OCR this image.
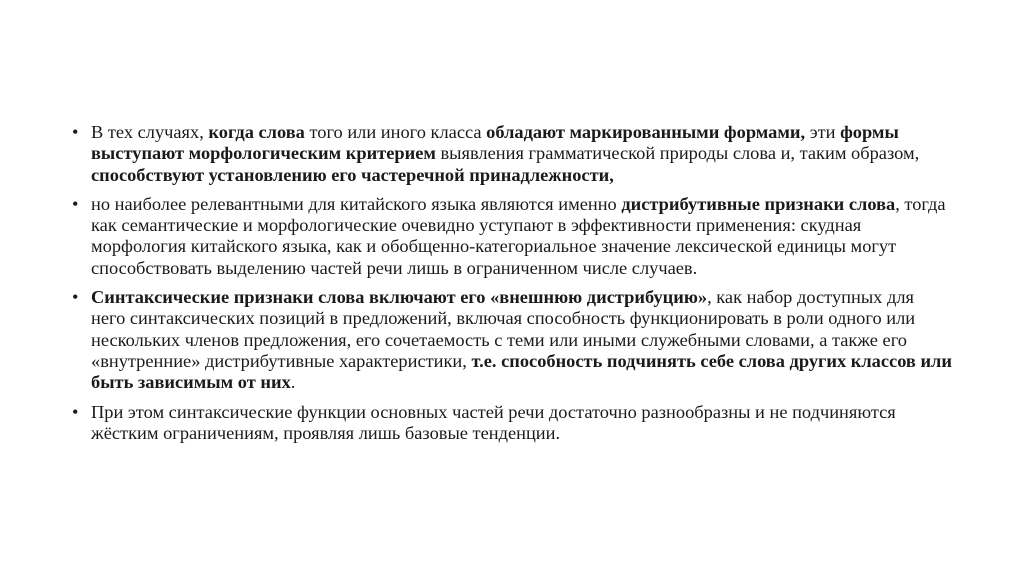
• В тех случаях, когда слова того или иного класса обладают маркированными формами, эти формы выступают морфологическим критерием выявления грамматической природы слова и, таким образом, способствуют установлению его частеречной принадлежности,
• но наиболее релевантными для китайского языка являются именно дистрибутивные признаки слова, тогда как семантические и морфологические очевидно уступают в эффективности применения: скудная морфология китайского языка, как и обобщенно-категориальное значение лексической единицы могут способствовать выделению частей речи лишь в ограниченном числе случаев.
• Синтаксические признаки слова включают его «внешнюю дистрибуцию», как набор доступных для него синтаксических позиций в предложений, включая способность функционировать в роли одного или нескольких членов предложения, его сочетаемость с теми или иными служебными словами, а также его «внутренние» дистрибутивные характеристики, т.е. способность подчинять себе слова других классов или быть зависимым от них.
• При этом синтаксические функции основных частей речи достаточно разнообразны и не подчиняются жёстким ограничениям, проявляя лишь базовые тенденции.
